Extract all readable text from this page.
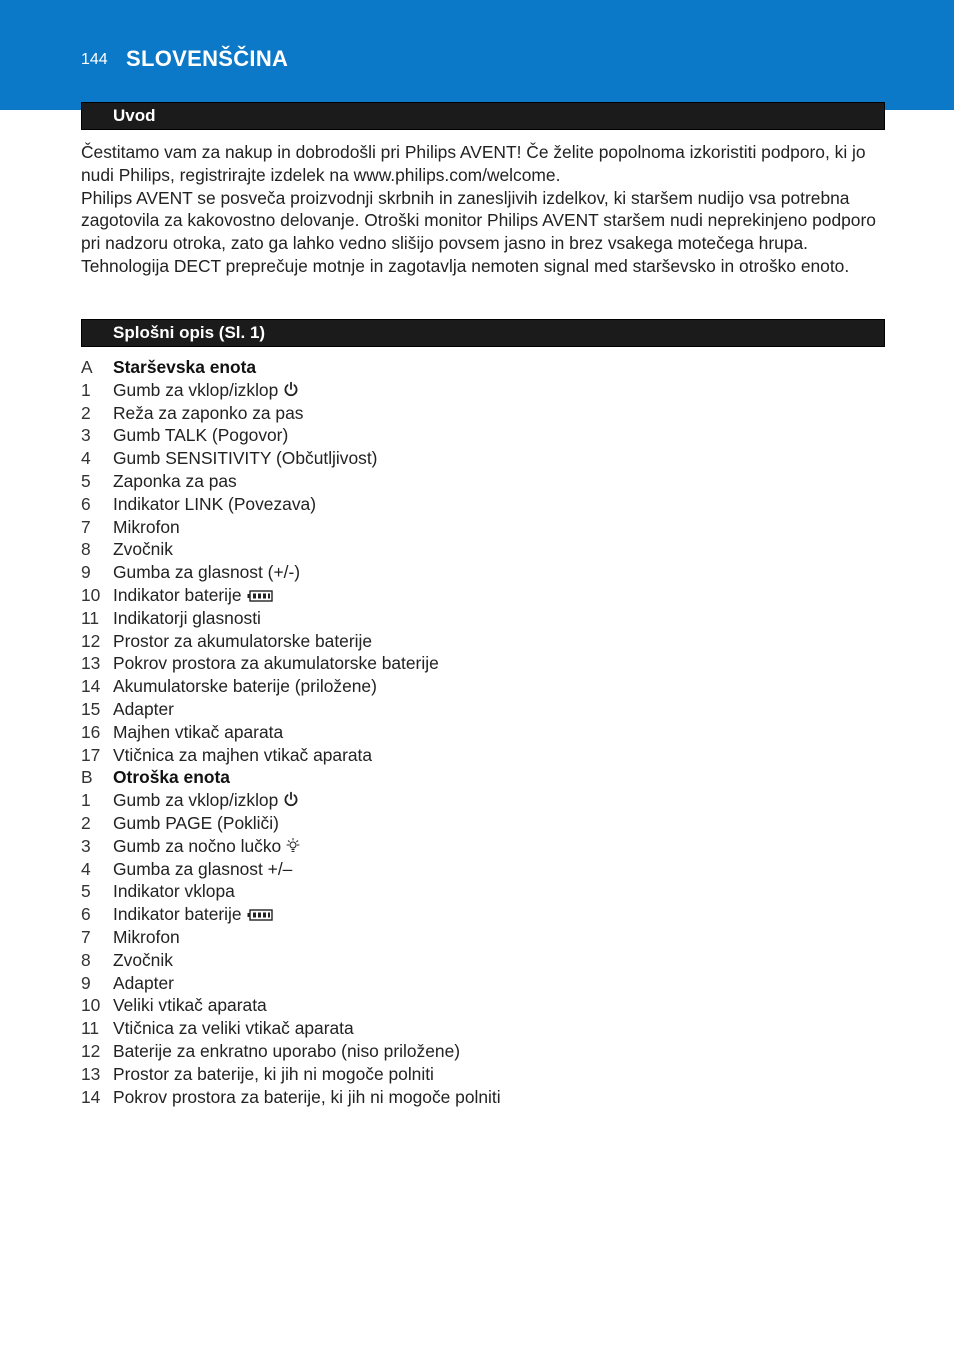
144 SLOVENŠČINA
Uvod

Čestitamo vam za nakup in dobrodošli pri Philips AVENT! Če želite popolnoma izkoristiti podporo, ki jo nudi Philips, registrirajte izdelek na www.philips.com/welcome.

Philips AVENT se posveča proizvodnji skrbnih in zanesljivih izdelkov, ki staršem nudijo vsa potrebna zagotovila za kakovostno delovanje. Otroški monitor Philips AVENT staršem nudi neprekinjeno podporo pri nadzoru otroka, zato ga lahko vedno slišijo povsem jasno in brez vsakega motečega hrupa. Tehnologija DECT preprečuje motnje in zagotavlja nemoten signal med starševsko in otroško enoto.

Splošni opis (Sl. 1)
A Starševska enota
1 Gumb za vklop/izklop
2 Reža za zaponko za pas
3 Gumb TALK (Pogovor)
4 Gumb SENSITIVITY (Občutljivost)
5 Zaponka za pas
6 Indikator LINK (Povezava)
7 Mikrofon
8 Zvočnik
9 Gumba za glasnost (+/-)
10 Indikator baterije
11 Indikatorji glasnosti
12 Prostor za akumulatorske baterije
13 Pokrov prostora za akumulatorske baterije
14 Akumulatorske baterije (priložene)
15 Adapter
16 Majhen vtikač aparata
17 Vtičnica za majhen vtikač aparata
B Otroška enota
1 Gumb za vklop/izklop
2 Gumb PAGE (Pokliči)
3 Gumb za nočno lučko
4 Gumba za glasnost +/–
5 Indikator vklopa
6 Indikator baterije
7 Mikrofon
8 Zvočnik
9 Adapter
10 Veliki vtikač aparata
11 Vtičnica za veliki vtikač aparata
12 Baterije za enkratno uporabo (niso priložene)
13 Prostor za baterije, ki jih ni mogoče polniti
14 Pokrov prostora za baterije, ki jih ni mogoče polniti
